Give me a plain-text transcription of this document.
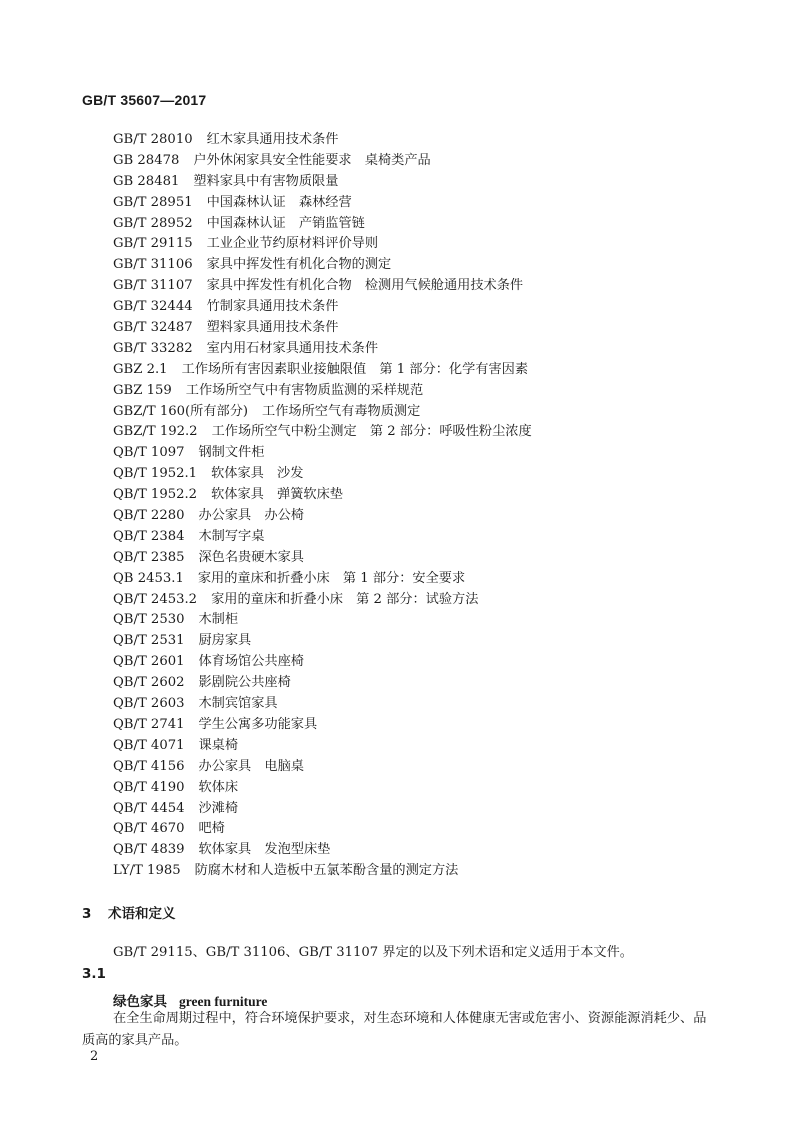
GB/T 35607—2017
GB/T 28010 红木家具通用技术条件
GB 28478 户外休闲家具安全性能要求　桌椅类产品
GB 28481 塑料家具中有害物质限量
GB/T 28951 中国森林认证　森林经营
GB/T 28952 中国森林认证　产销监管链
GB/T 29115 工业企业节约原材料评价导则
GB/T 31106 家具中挥发性有机化合物的测定
GB/T 31107 家具中挥发性有机化合物　检测用气候舱通用技术条件
GB/T 32444 竹制家具通用技术条件
GB/T 32487 塑料家具通用技术条件
GB/T 33282 室内用石材家具通用技术条件
GBZ 2.1 工作场所有害因素职业接触限值　第 1 部分：化学有害因素
GBZ 159 工作场所空气中有害物质监测的采样规范
GBZ/T 160(所有部分) 工作场所空气有毒物质测定
GBZ/T 192.2 工作场所空气中粉尘测定　第 2 部分：呼吸性粉尘浓度
QB/T 1097 钢制文件柜
QB/T 1952.1 软体家具　沙发
QB/T 1952.2 软体家具　弹簧软床垫
QB/T 2280 办公家具　办公椅
QB/T 2384 木制写字桌
QB/T 2385 深色名贵硬木家具
QB 2453.1 家用的童床和折叠小床　第 1 部分：安全要求
QB/T 2453.2 家用的童床和折叠小床　第 2 部分：试验方法
QB/T 2530 木制柜
QB/T 2531 厨房家具
QB/T 2601 体育场馆公共座椅
QB/T 2602 影剧院公共座椅
QB/T 2603 木制宾馆家具
QB/T 2741 学生公寓多功能家具
QB/T 4071 课桌椅
QB/T 4156 办公家具　电脑桌
QB/T 4190 软体床
QB/T 4454 沙滩椅
QB/T 4670 吧椅
QB/T 4839 软体家具　发泡型床垫
LY/T 1985 防腐木材和人造板中五氯苯酚含量的测定方法
3 术语和定义
GB/T 29115、GB/T 31106、GB/T 31107 界定的以及下列术语和定义适用于本文件。
3.1
绿色家具 green furniture

在全生命周期过程中，符合环境保护要求，对生态环境和人体健康无害或危害小、资源能源消耗少、品质高的家具产品。

2
